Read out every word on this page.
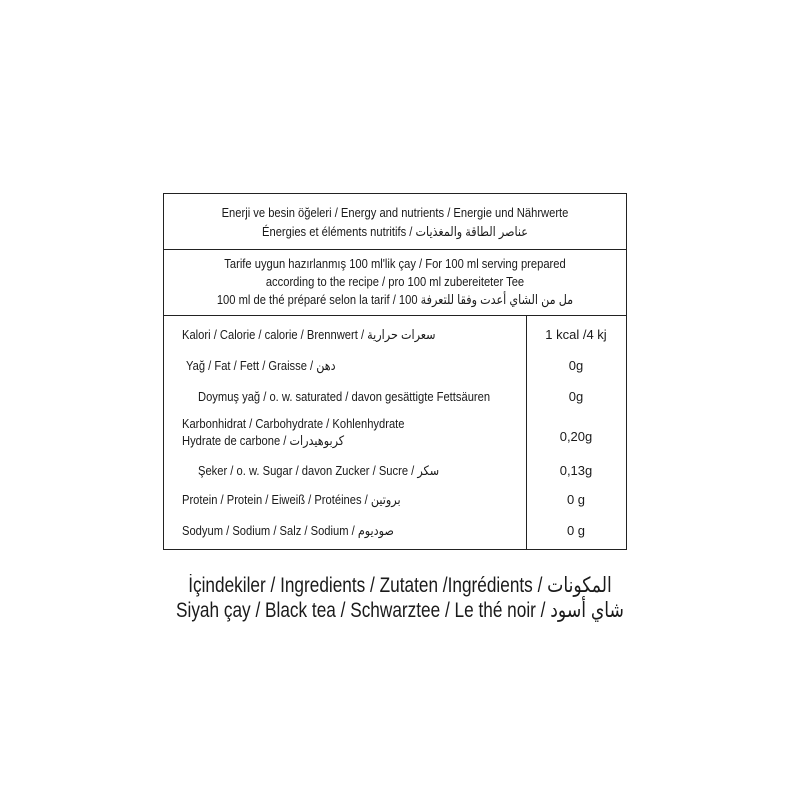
Enerji ve besin öğeleri / Energy and nutrients / Energie und Nährwerte
Énergies et éléments nutritifs / عناصر الطاقة والمغذيات
Tarife uygun hazırlanmış 100 ml'lik çay / For 100 ml serving prepared
according to the recipe / pro 100 ml zubereiteter Tee
100 ml de thé préparé selon la tarif / 100 مل من الشاي أعدت وفقا للتعرفة
Kalori / Calorie / calorie / Brennwert / سعرات حرارية	1 kcal /4 kj
Yağ / Fat / Fett / Graisse / دهن	0g
Doymuş yağ / o. w. saturated / davon gesättigte Fettsäuren	0g
Karbonhidrat / Carbohydrate / Kohlenhydrate
Hydrate de carbone / كربوهيدرات	0,20g
Şeker / o. w. Sugar / davon Zucker / Sucre / سكر	0,13g
Protein / Protein / Eiweiß / Protéines / بروتين	0 g
Sodyum / Sodium / Salz / Sodium / صوديوم	0 g
İçindekiler / Ingredients / Zutaten /Ingrédients / المكونات
Siyah çay / Black tea / Schwarztee / Le thé noir / شاي أسود
